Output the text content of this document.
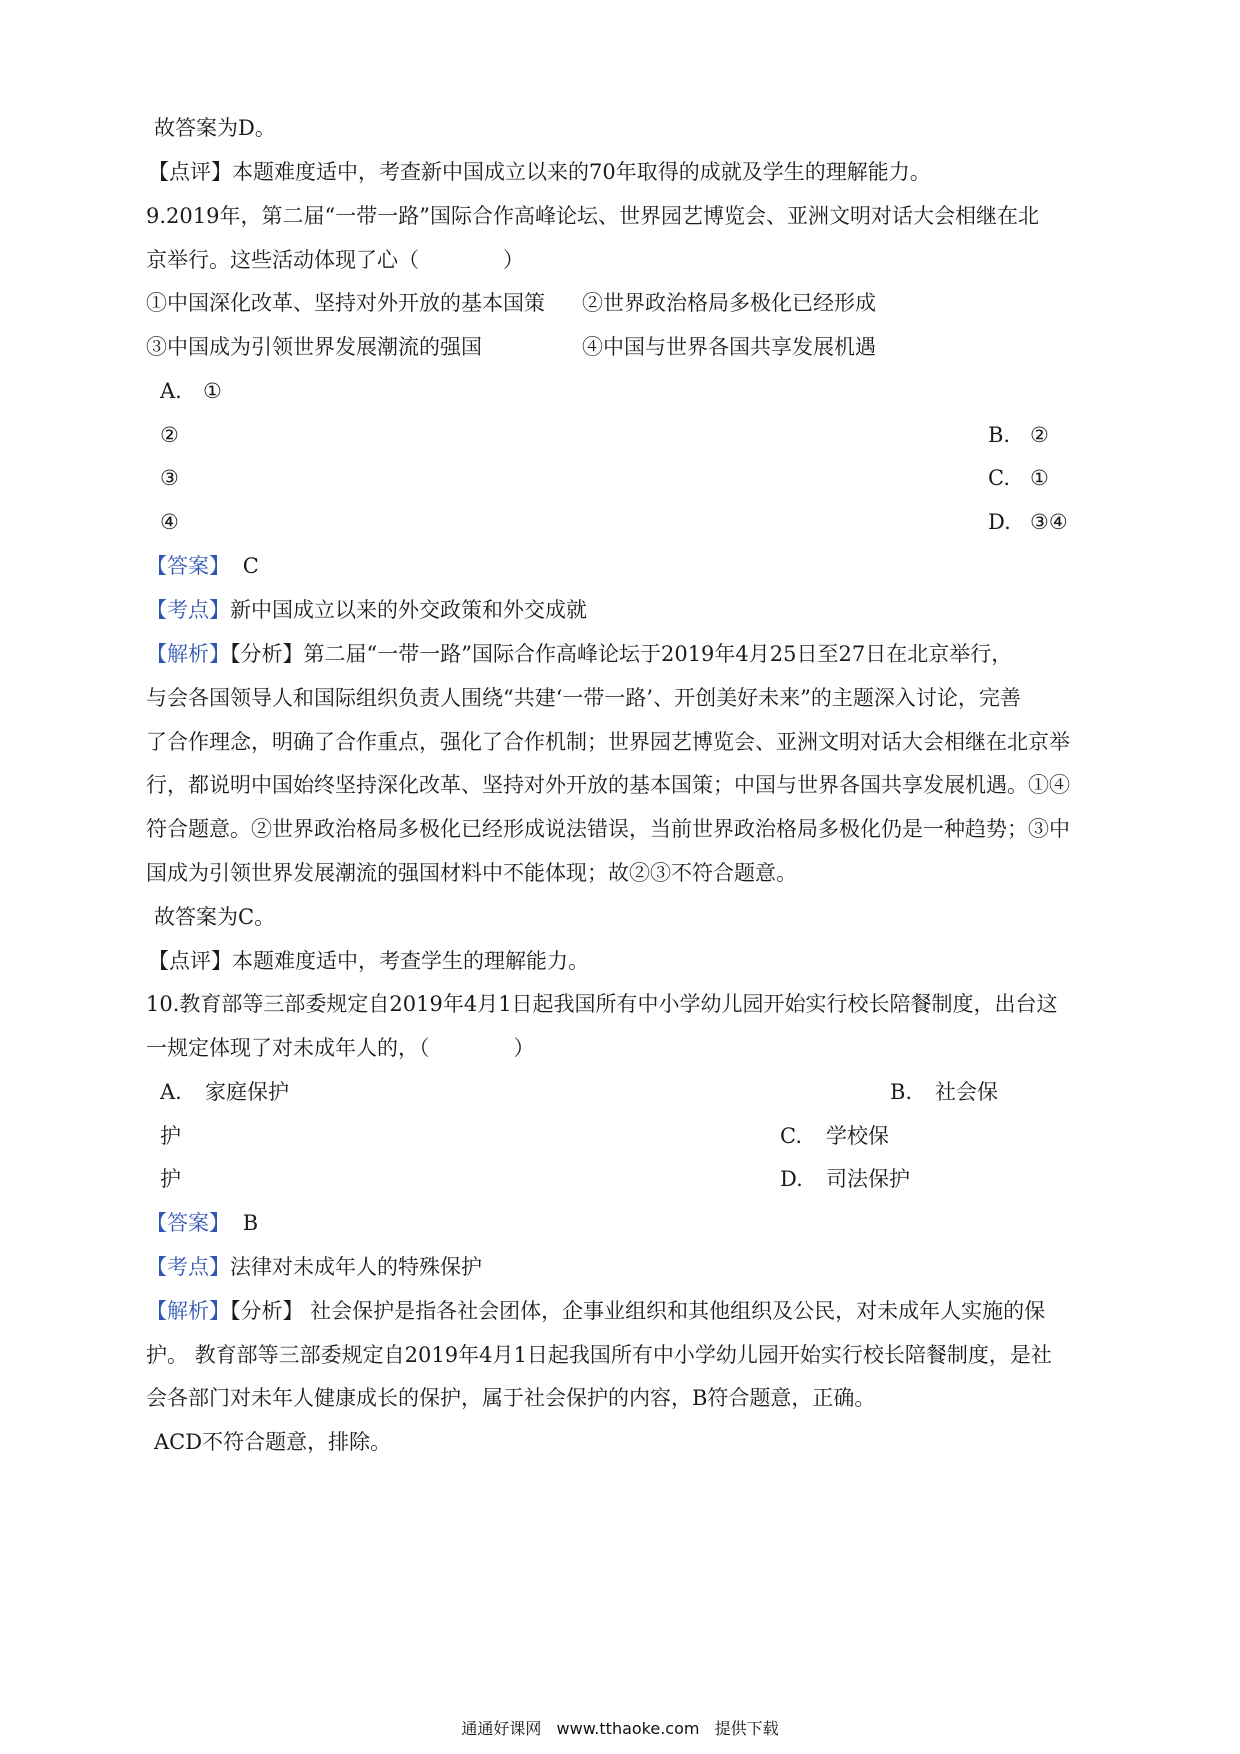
故答案为D。
【点评】本题难度适中，考查新中国成立以来的70年取得的成就及学生的理解能力。
9.2019年，第二届“一带一路”国际合作高峰论坛、世界园艺博览会、亚洲文明对话大会相继在北
京举行。这些活动体现了心（　　　　）
①中国深化改革、坚持对外开放的基本国策 ②世界政治格局多极化已经形成
③中国成为引领世界发展潮流的强国	④中国与世界各国共享发展机遇
A. ①
②	B. ②
③	C. ①
④	D. ③④
【答案】 C
【考点】新中国成立以来的外交政策和外交成就
【解析】【分析】第二届“一带一路”国际合作高峰论坛于2019年4月25日至27日在北京举行，
与会各国领导人和国际组织负责人围绕“共建‘一带一路’、开创美好未来”的主题深入讨论，完善
了合作理念，明确了合作重点，强化了合作机制；世界园艺博览会、亚洲文明对话大会相继在北京举
行，都说明中国始终坚持深化改革、坚持对外开放的基本国策；中国与世界各国共享发展机遇。①④
符合题意。②世界政治格局多极化已经形成说法错误，当前世界政治格局多极化仍是一种趋势；③中
国成为引领世界发展潮流的强国材料中不能体现；故②③不符合题意。
故答案为C。
【点评】本题难度适中，考查学生的理解能力。
10.教育部等三部委规定自2019年4月1日起我国所有中小学幼儿园开始实行校长陪餐制度，出台这
一规定体现了对未成年人的，（　　　　）
A. 家庭保护	B. 社会保
护	C. 学校保
护	D. 司法保护
【答案】 B
【考点】法律对未成年人的特殊保护
【解析】【分析】 社会保护是指各社会团体，企事业组织和其他组织及公民，对未成年人实施的保
护。 教育部等三部委规定自2019年4月1日起我国所有中小学幼儿园开始实行校长陪餐制度，是社
会各部门对未年人健康成长的保护，属于社会保护的内容，B符合题意，正确。
ACD不符合题意，排除。
通通好课网 www.tthaoke.com 提供下载
